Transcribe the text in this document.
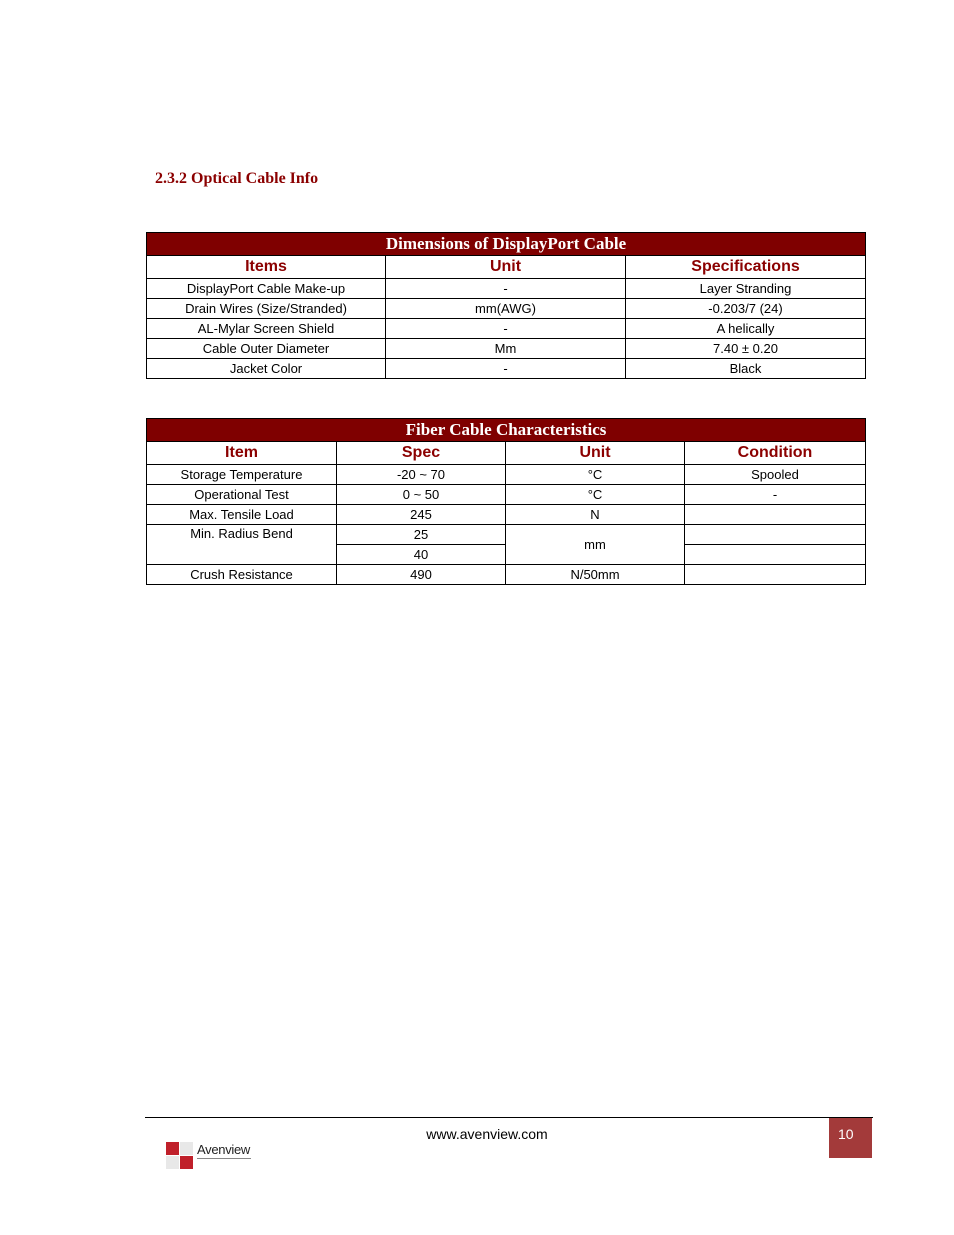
2.3.2 Optical Cable Info
Dimensions of DisplayPort Cable		
Items	Unit	Specifications
DisplayPort Cable Make-up	-	Layer Stranding
Drain Wires (Size/Stranded)	mm(AWG)	-0.203/7 (24)
AL-Mylar Screen Shield	-	A helically
Cable Outer Diameter	Mm	7.40 ± 0.20
Jacket Color	-	Black
Fiber Cable Characteristics			
Item	Spec	Unit	Condition
Storage Temperature	-20 ~ 70	°C	Spooled
Operational Test	0 ~ 50	°C	-
Max. Tensile Load	245	N	
Min. Radius Bend	25	mm	
	40		
Crush Resistance	490	N/50mm	
www.avenview.com	10
Avenview
